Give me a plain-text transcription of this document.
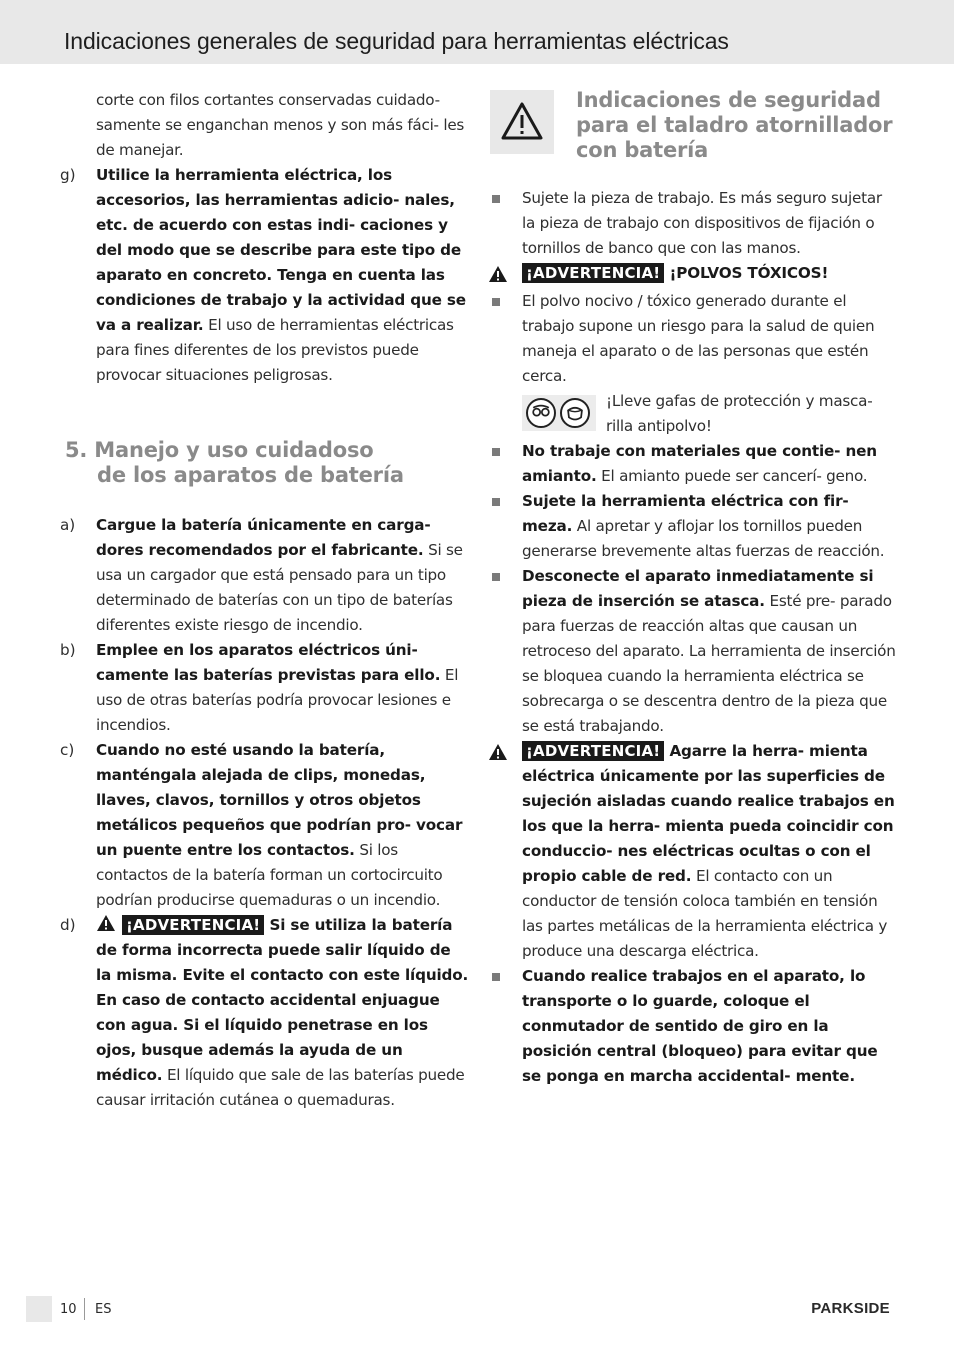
Indicaciones generales de seguridad para herramientas eléctricas
corte con filos cortantes conservadas cuidado- samente se enganchan menos y son más fáci- les de manejar.
g)	Utilice la herramienta eléctrica, los accesorios, las herramientas adicio- nales, etc. de acuerdo con estas indi- caciones y del modo que se describe para este tipo de aparato en concreto. Tenga en cuenta las condiciones de trabajo y la actividad que se va a realizar. El uso de herramientas eléctricas para fines diferentes de los previstos puede provocar situaciones peligrosas.
5. Manejo y uso cuidadoso
de los aparatos de batería
a)	Cargue la batería únicamente en carga- dores recomendados por el fabricante. Si se usa un cargador que está pensado para un tipo determinado de baterías con un tipo de baterías diferentes existe riesgo de incendio.
b)	Emplee en los aparatos eléctricos úni- camente las baterías previstas para ello. El uso de otras baterías podría provocar lesiones e incendios.
c)	Cuando no esté usando la batería, manténgala alejada de clips, monedas, llaves, clavos, tornillos y otros objetos metálicos pequeños que podrían pro- vocar un puente entre los contactos. Si los contactos de la batería forman un cortocircuito podrían producirse quemaduras o un incendio.
d)	¡ADVERTENCIA! Si se utiliza la batería de forma incorrecta puede salir líquido de la misma. Evite el contacto con este líquido. En caso de contacto accidental enjuague con agua. Si el líquido penetrase en los ojos, busque además la ayuda de un médico. El líquido que sale de las baterías puede causar irritación cutánea o quemaduras.
Indicaciones de seguridad para el taladro atornillador con batería
Sujete la pieza de trabajo. Es más seguro sujetar la pieza de trabajo con dispositivos de fijación o tornillos de banco que con las manos.
¡ADVERTENCIA! ¡POLVOS TÓXICOS!
El polvo nocivo / tóxico generado durante el trabajo supone un riesgo para la salud de quien maneja el aparato o de las personas que estén cerca.
¡Lleve gafas de protección y masca- rilla antipolvo!
No trabaje con materiales que contie- nen amianto. El amianto puede ser cancerí- geno.
Sujete la herramienta eléctrica con fir- meza. Al apretar y aflojar los tornillos pueden generarse brevemente altas fuerzas de reacción.
Desconecte el aparato inmediatamente si pieza de inserción se atasca. Esté pre- parado para fuerzas de reacción altas que causan un retroceso del aparato. La herramienta de inserción se bloquea cuando la herramienta eléctrica se sobrecarga o se descentra dentro de la pieza que se está trabajando.
¡ADVERTENCIA! Agarre la herra- mienta eléctrica únicamente por las superficies de sujeción aisladas cuando realice trabajos en los que la herra- mienta pueda coincidir con conduccio- nes eléctricas ocultas o con el propio cable de red. El contacto con un conductor de tensión coloca también en tensión las partes metálicas de la herramienta eléctrica y produce una descarga eléctrica.
Cuando realice trabajos en el aparato, lo transporte o lo guarde, coloque el conmutador de sentido de giro en la posición central (bloqueo) para evitar que se ponga en marcha accidental- mente.
10 ES	PARKSIDE
